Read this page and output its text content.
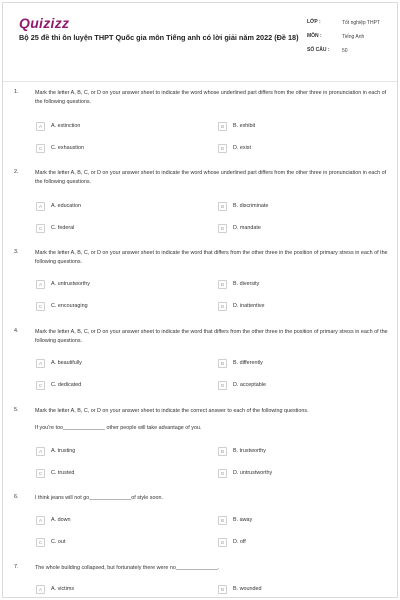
Quizizz
Bộ 25 đề thi ôn luyện THPT Quốc gia môn Tiếng anh có lời giải năm 2022 (Đề 18)
LỚP :	Tốt nghiệp THPT
MÔN :	Tiếng Anh
SỐ CÂU :	50
1.	Mark the letter A, B, C, or D on your answer sheet to indicate the word whose underlined part differs from the other three in pronunciation in each of the following questions.
A	A. extinction	B	B. exhibit
C	C. exhaustion	D	D. exist
2.	Mark the letter A, B, C, or D on your answer sheet to indicate the word whose underlined part differs from the other three in pronunciation in each of the following questions.
A	A. education	B	B. discriminate
C	C. federal	D	D. mandate
3.	Mark the letter A, B, C, or D on your answer sheet to indicate the word that differs from the other three in the position of primary stress in each of the following questions.
A	A. untrustworthy	B	B. diversity
C	C. encouraging	D	D. inattentive
4.	Mark the letter A, B, C, or D on your answer sheet to indicate the word that differs from the other three in the position of primary stress in each of the following questions.
A	A. beautifully	B	B. differently
C	C. dedicated	D	D. acceptable
5.	Mark the letter A, B, C, or D on your answer sheet to indicate the correct answer to each of the following questions.
If you're too______________ other people will take advantage of you.
A	A. trusting	B	B. trustworthy
C	C. trusted	D	D. untrustworthy
6.	I think jeans will not go______________of style soon.
A	A. down	B	B. away
C	C. out	D	D. off
7.	The whole building collapsed, but fortunately there were no______________.
A	A. victims	B	B. wounded
